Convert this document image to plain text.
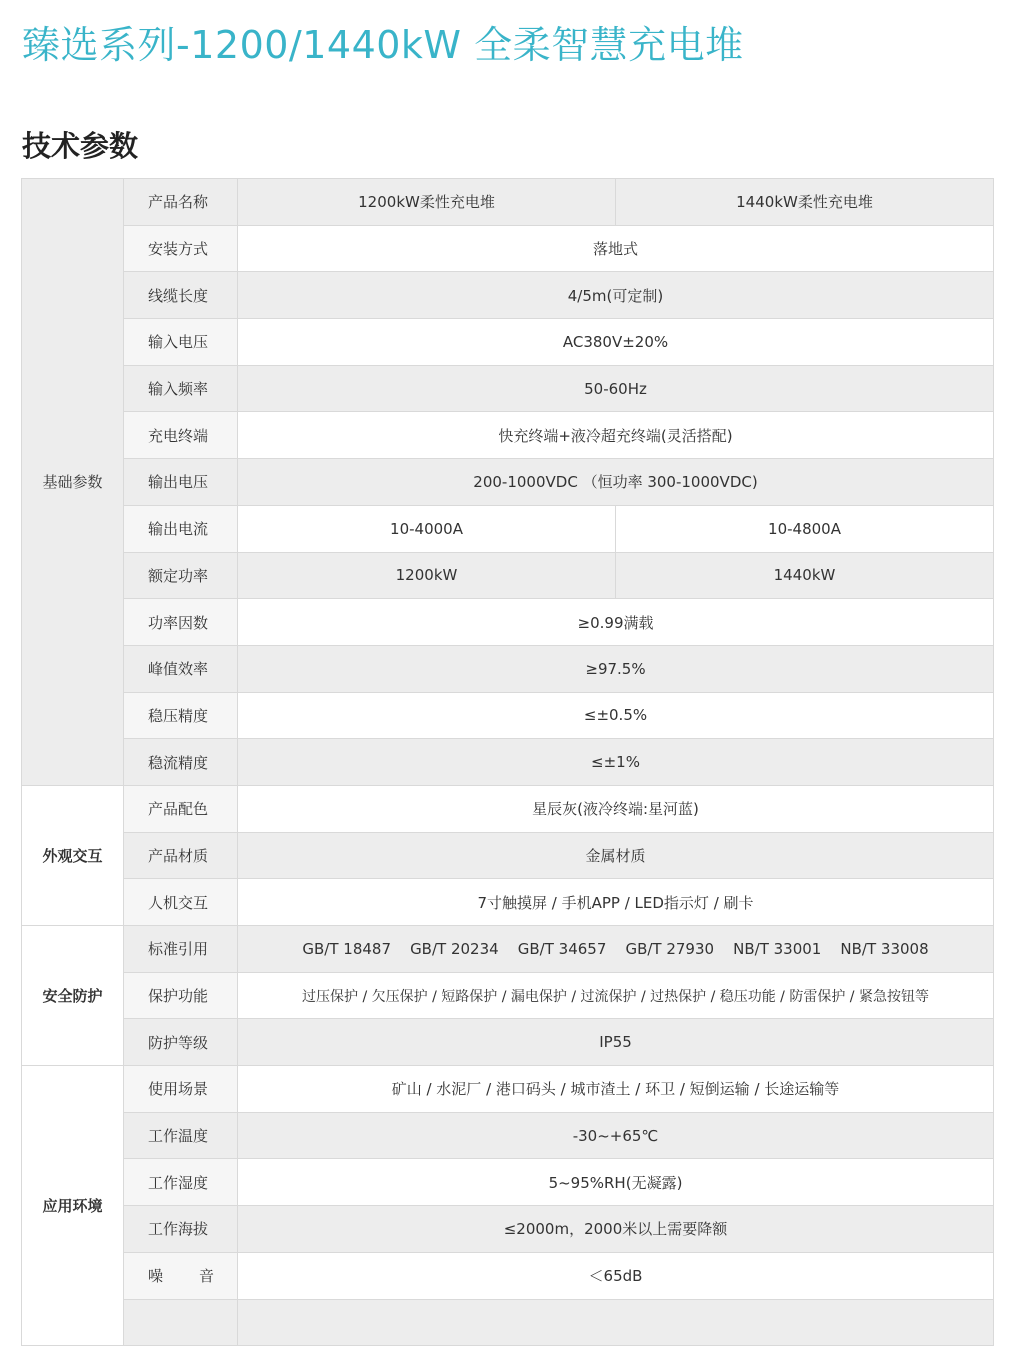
臻选系列-1200/1440kW 全柔智慧充电堆
技术参数
基础参数	产品名称	1200kW柔性充电堆	1440kW柔性充电堆
	安装方式	落地式	
	线缆长度	4/5m(可定制)	
	输入电压	AC380V±20%	
	输入频率	50-60Hz	
	充电终端	快充终端+液冷超充终端(灵活搭配)	
	输出电压	200-1000VDC （恒功率 300-1000VDC)	
	输出电流	10-4000A	10-4800A
	额定功率	1200kW	1440kW
	功率因数	≥0.99满载	
	峰值效率	≥97.5%	
	稳压精度	≤±0.5%	
	稳流精度	≤±1%	
外观交互	产品配色	星辰灰(液冷终端:星河蓝)	
	产品材质	金属材质	
	人机交互	7寸触摸屏 / 手机APP / LED指示灯 / 刷卡	
安全防护	标准引用	GB/T 18487    GB/T 20234    GB/T 34657    GB/T 27930    NB/T 33001    NB/T 33008	
	保护功能	过压保护 / 欠压保护 / 短路保护 / 漏电保护 / 过流保护 / 过热保护 / 稳压功能 / 防雷保护 / 紧急按钮等	
	防护等级	IP55	
应用环境	使用场景	矿山 / 水泥厂 / 港口码头 / 城市渣土 / 环卫 / 短倒运输 / 长途运输等	
	工作温度	-30~+65℃	
	工作湿度	5~95%RH(无凝露)	
	工作海拔	≤2000m，2000米以上需要降额	
	噪 音	＜65dB	
